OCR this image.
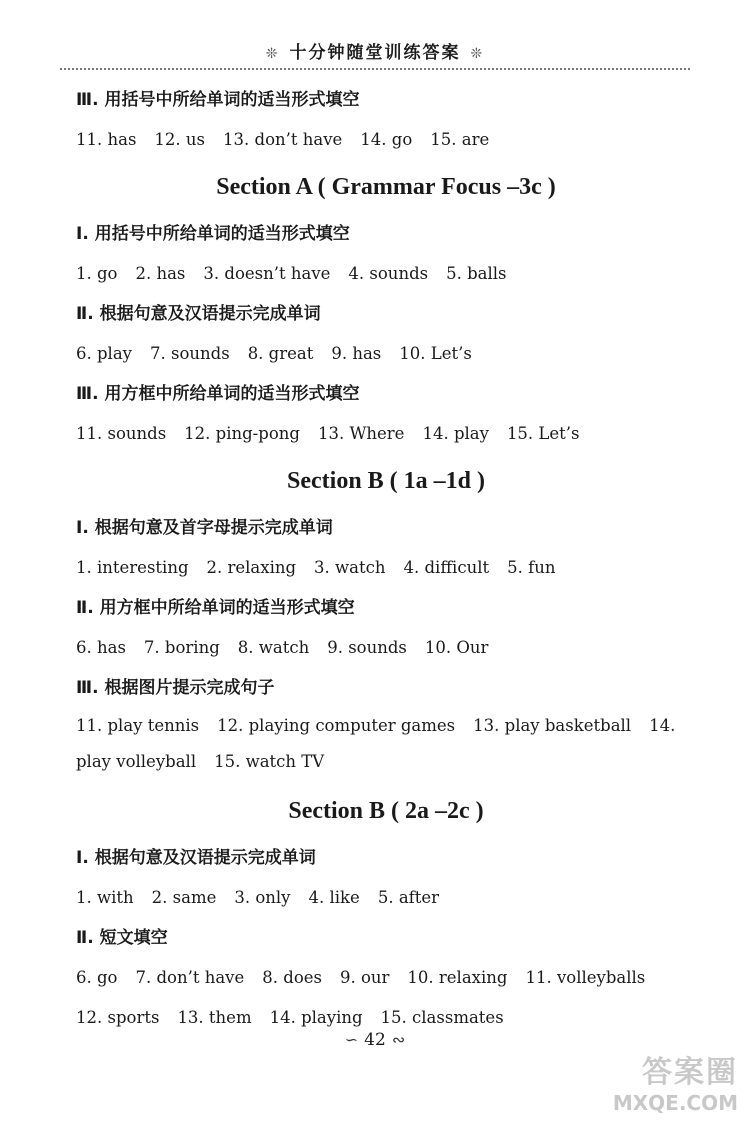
❊ 十分钟随堂训练答案 ❊
Ⅲ. 用括号中所给单词的适当形式填空
11. has 12. us 13. don’t have 14. go 15. are
Section A ( Grammar Focus –3c )
Ⅰ. 用括号中所给单词的适当形式填空
1. go 2. has 3. doesn’t have 4. sounds 5. balls
Ⅱ. 根据句意及汉语提示完成单词
6. play 7. sounds 8. great 9. has 10. Let’s
Ⅲ. 用方框中所给单词的适当形式填空
11. sounds 12. ping-pong 13. Where 14. play 15. Let’s
Section B ( 1a –1d )
Ⅰ. 根据句意及首字母提示完成单词
1. interesting 2. relaxing 3. watch 4. difficult 5. fun
Ⅱ. 用方框中所给单词的适当形式填空
6. has 7. boring 8. watch 9. sounds 10. Our
Ⅲ. 根据图片提示完成句子
11. play tennis 12. playing computer games 13. play basketball 14. play volleyball 15. watch TV
Section B ( 2a –2c )
Ⅰ. 根据句意及汉语提示完成单词
1. with 2. same 3. only 4. like 5. after
Ⅱ. 短文填空
6. go 7. don’t have 8. does 9. our 10. relaxing 11. volleyballs
12. sports 13. them 14. playing 15. classmates
∽ 42 ∾
答案圈
MXQE.COM
